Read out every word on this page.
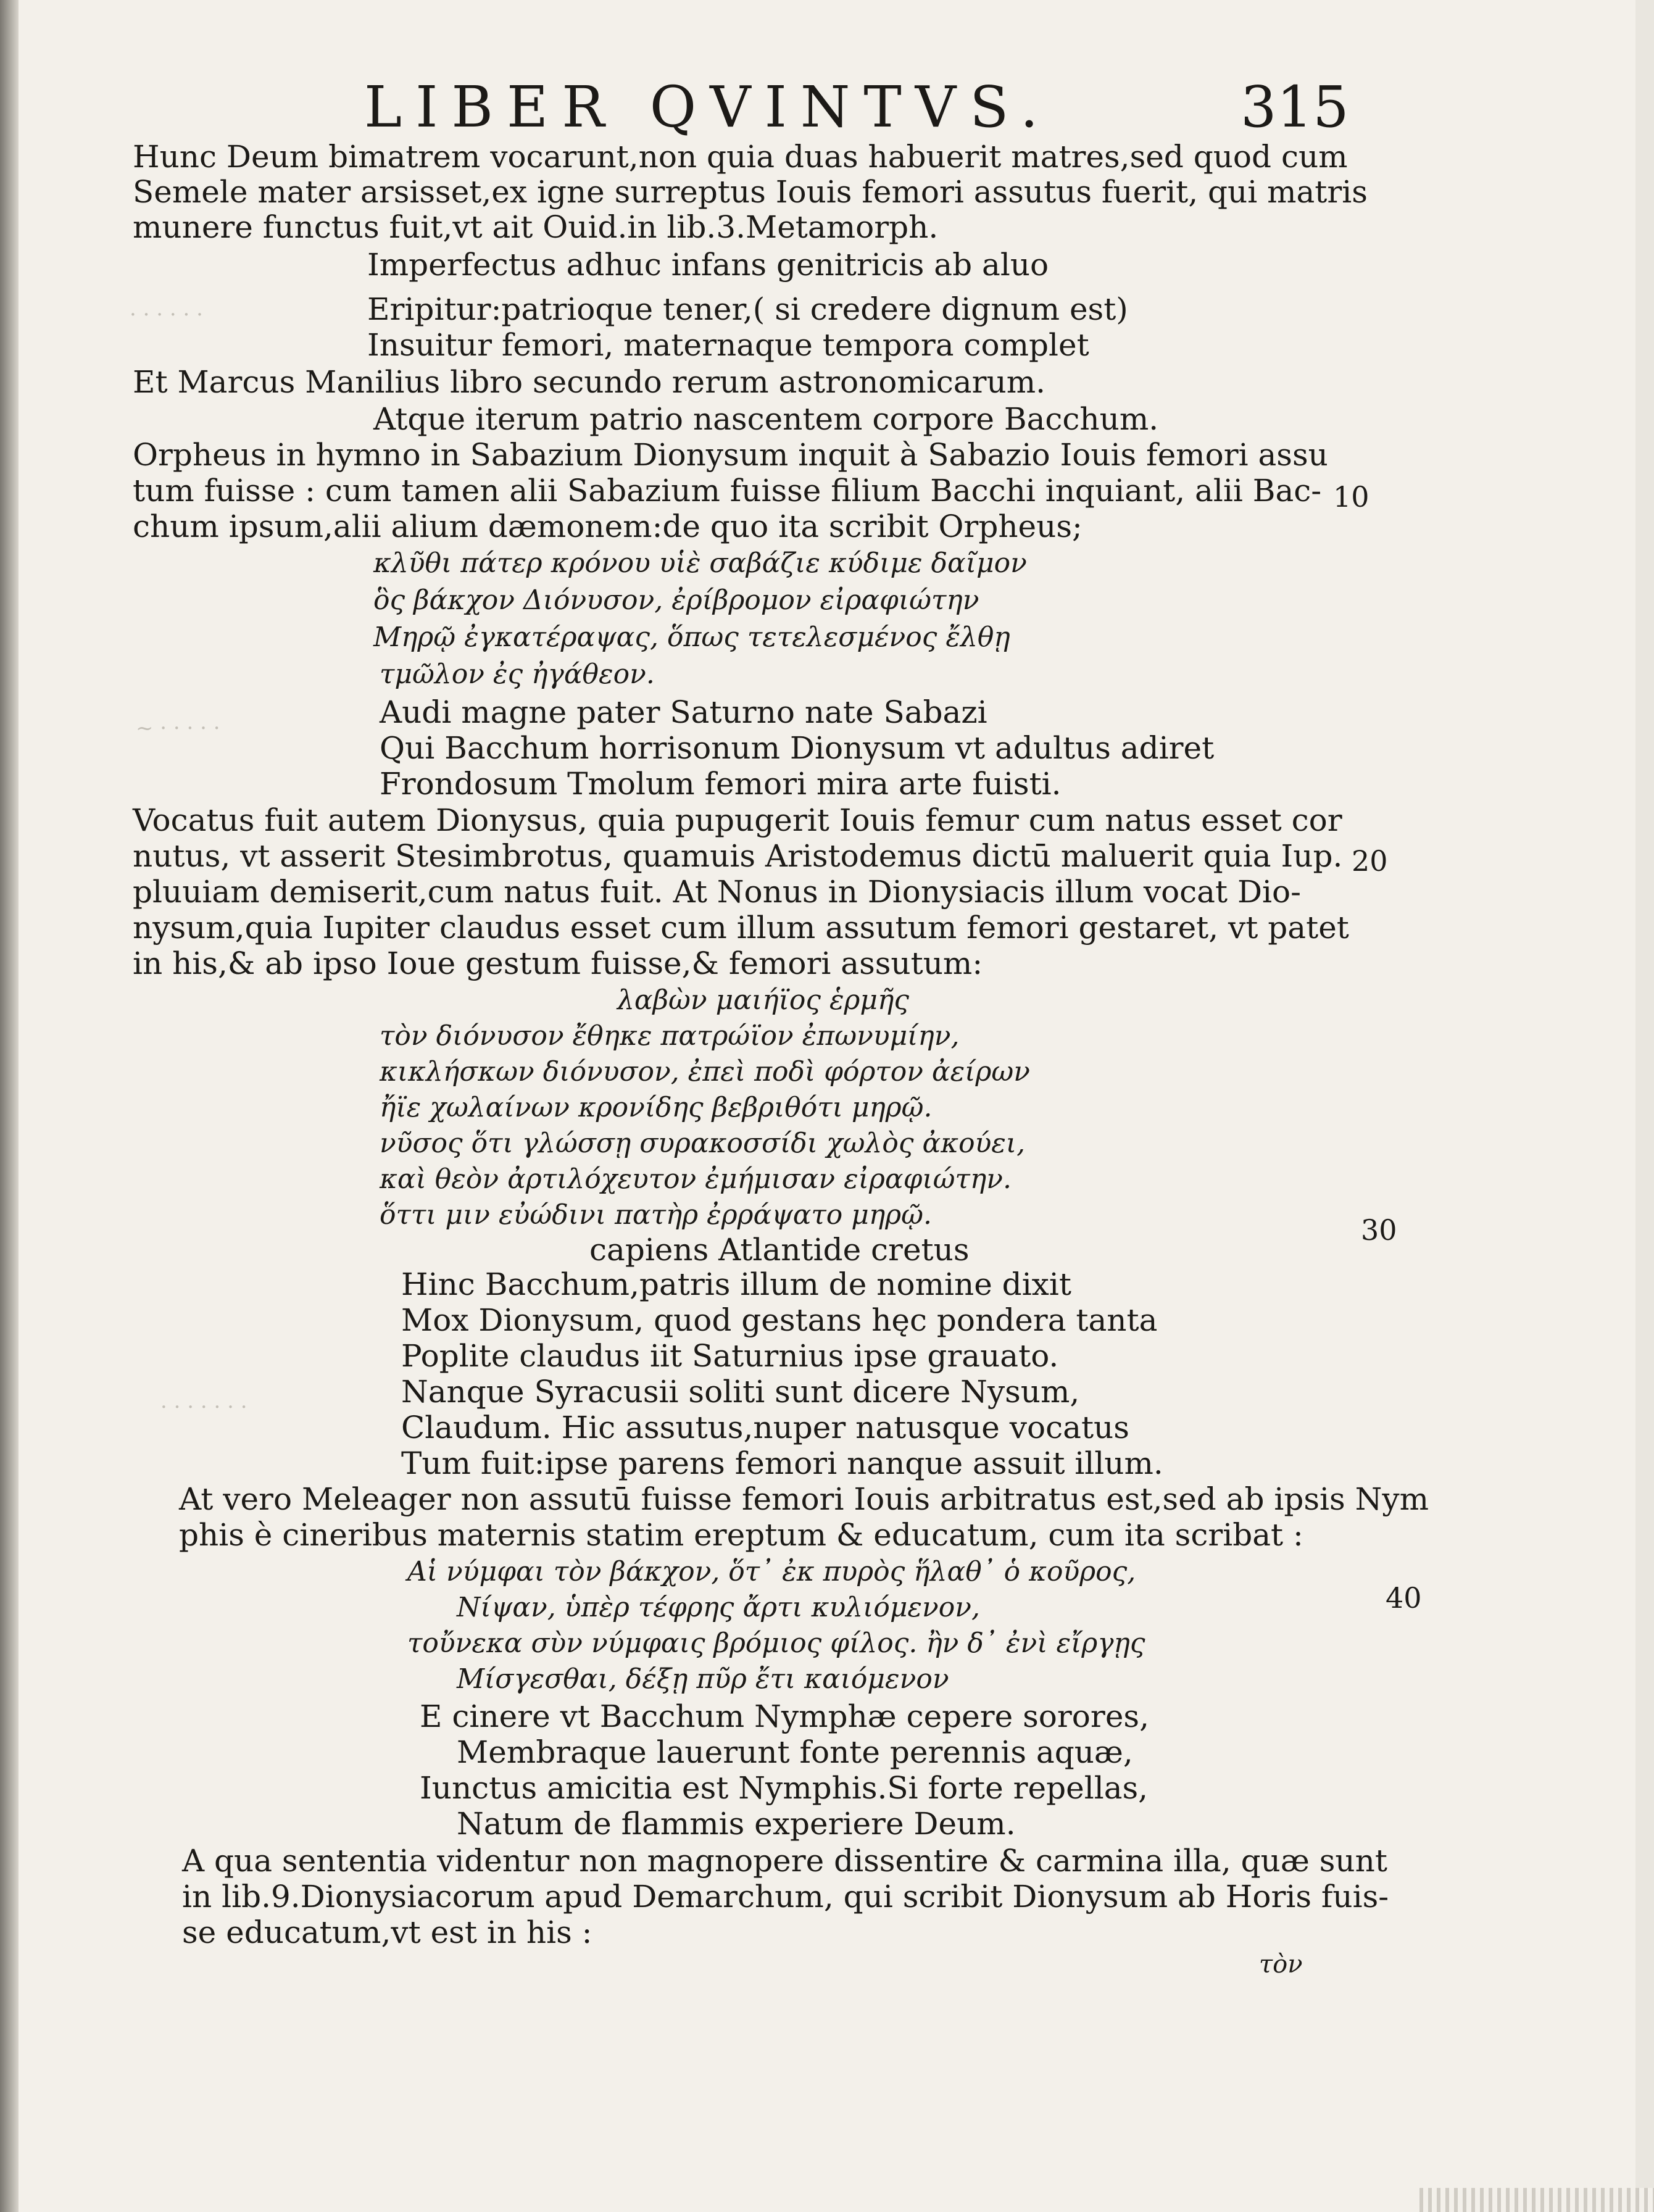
· · · · · ·
~ · · · · ·
· · · · · · ·
LIBER QVINTVS.	315
Hunc Deum bimatrem vocarunt,non quia duas habuerit matres,sed quod cum
Semele mater arsisset,ex igne surreptus Iouis femori assutus fuerit, qui matris
munere functus fuit,vt ait Ouid.in lib.3.Metamorph.
Imperfectus adhuc infans genitricis ab aluo
Eripitur:patrioque tener,( si credere dignum est)
Insuitur femori, maternaque tempora complet
Et Marcus Manilius libro secundo rerum astronomicarum.
Atque iterum patrio nascentem corpore Bacchum.
Orpheus in hymno in Sabazium Dionysum inquit à Sabazio Iouis femori assu
tum fuisse : cum tamen alii Sabazium fuisse filium Bacchi inquiant, alii Bac-
chum ipsum,alii alium dæmonem:de quo ita scribit Orpheus;
κλῦθι πάτερ κρόνου υἱὲ σαβάζιε κύδιμε δαῖμον
ὃς βάκχον Διόνυσον, ἐρίβρομον εἰραφιώτην
Μηρῷ ἐγκατέραψας, ὅπως τετελεσμένος ἔλθῃ
τμῶλον ἐς ἠγάθεον.
Audi magne pater Saturno nate Sabazi
Qui Bacchum horrisonum Dionysum vt adultus adiret
Frondosum Tmolum femori mira arte fuisti.
Vocatus fuit autem Dionysus, quia pupugerit Iouis femur cum natus esset cor
nutus, vt asserit Stesimbrotus, quamuis Aristodemus dictū maluerit quia Iup.
pluuiam demiserit,cum natus fuit. At Nonus in Dionysiacis illum vocat Dio-
nysum,quia Iupiter claudus esset cum illum assutum femori gestaret, vt patet
in his,& ab ipso Ioue gestum fuisse,& femori assutum:
λαβὼν μαιήϊος ἑρμῆς
τὸν διόνυσον ἔθηκε πατρώϊον ἐπωνυμίην,
κικλήσκων διόνυσον, ἐπεὶ ποδὶ φόρτον ἀείρων
ἤϊε χωλαίνων κρονίδης βεβριθότι μηρῷ.
νῦσος ὅτι γλώσσῃ συρακοσσίδι χωλὸς ἀκούει,
καὶ θεὸν ἀρτιλόχευτον ἐμήμισαν εἰραφιώτην.
ὅττι μιν εὐώδινι πατὴρ ἐρράψατο μηρῷ.
capiens Atlantide cretus
Hinc Bacchum,patris illum de nomine dixit
Mox Dionysum, quod gestans hęc pondera tanta
Poplite claudus iit Saturnius ipse grauato.
Nanque Syracusii soliti sunt dicere Nysum,
Claudum. Hic assutus,nuper natusque vocatus
Tum fuit:ipse parens femori nanque assuit illum.
At vero Meleager non assutū fuisse femori Iouis arbitratus est,sed ab ipsis Nym
phis è cineribus maternis statim ereptum & educatum, cum ita scribat :
Αἱ νύμφαι τὸν βάκχον, ὅτ᾽ ἐκ πυρὸς ἥλαθ᾽ ὁ κοῦρος,
Νίψαν, ὑπὲρ τέφρης ἄρτι κυλιόμενον,
τοὔνεκα σὺν νύμφαις βρόμιος φίλος. ἢν δ᾽ ἐνὶ εἴργῃς
Μίσγεσθαι, δέξῃ πῦρ ἔτι καιόμενον
E cinere vt Bacchum Nymphæ cepere sorores,
Membraque lauerunt fonte perennis aquæ,
Iunctus amicitia est Nymphis.Si forte repellas,
Natum de flammis experiere Deum.
A qua sententia videntur non magnopere dissentire & carmina illa, quæ sunt
in lib.9.Dionysiacorum apud Demarchum, qui scribit Dionysum ab Horis fuis-
se educatum,vt est in his :
10
20
30
40
τὸν
